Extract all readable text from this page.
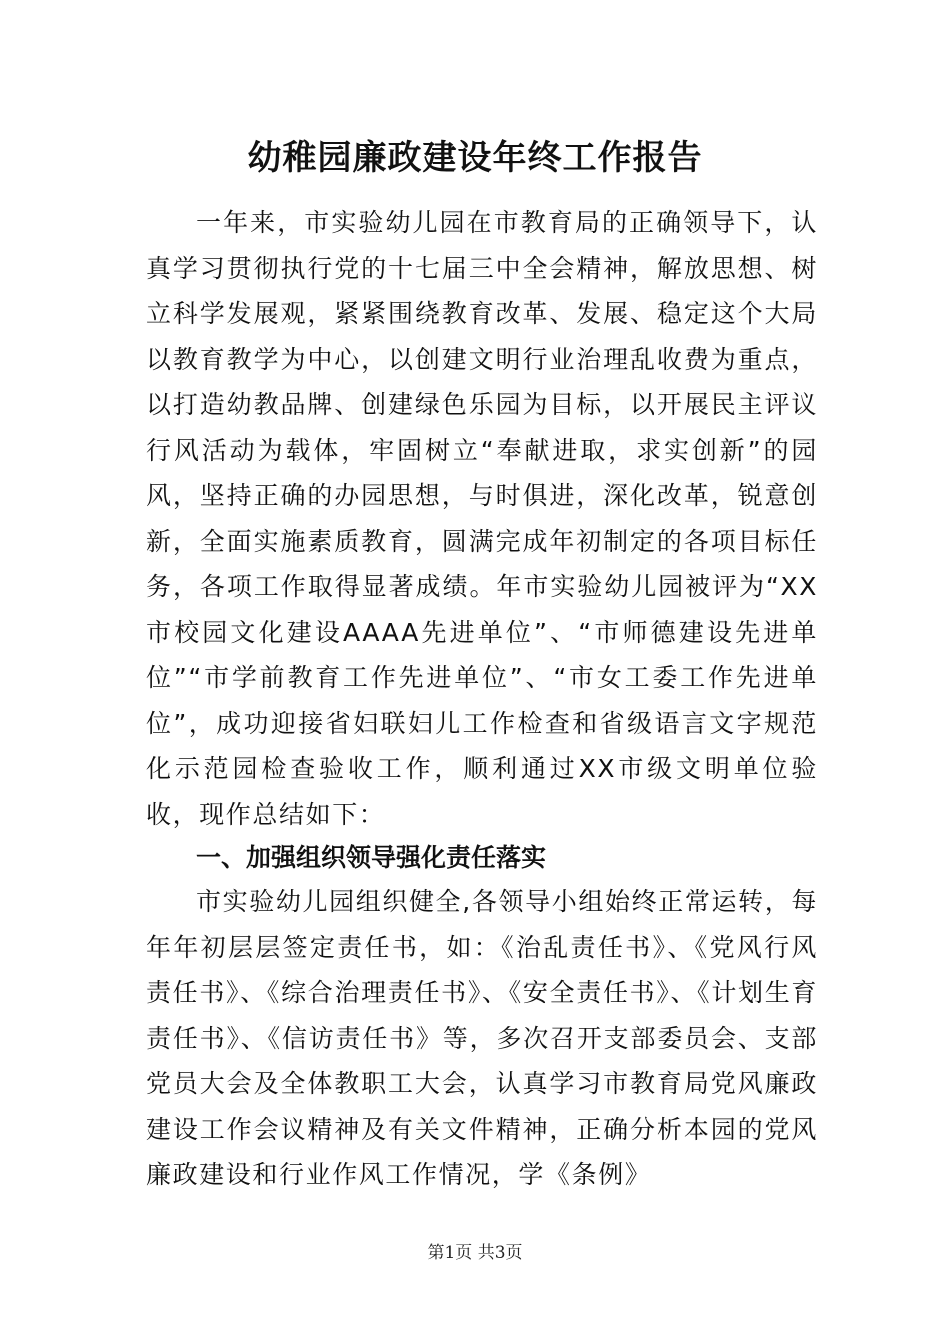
幼稚园廉政建设年终工作报告

一年来，市实验幼儿园在市教育局的正确领导下，认真学习贯彻执行党的十七届三中全会精神，解放思想、树立科学发展观，紧紧围绕教育改革、发展、稳定这个大局以教育教学为中心，以创建文明行业治理乱收费为重点，以打造幼教品牌、创建绿色乐园为目标，以开展民主评议行风活动为载体，牢固树立“奉献进取，求实创新”的园风，坚持正确的办园思想，与时俱进，深化改革，锐意创新，全面实施素质教育，圆满完成年初制定的各项目标任务，各项工作取得显著成绩。年市实验幼儿园被评为“XX市校园文化建设AAAA先进单位”、“市师德建设先进单位”“市学前教育工作先进单位”、“市女工委工作先进单位”，成功迎接省妇联妇儿工作检查和省级语言文字规范化示范园检查验收工作，顺利通过XX市级文明单位验收，现作总结如下：

一、加强组织领导强化责任落实

市实验幼儿园组织健全,各领导小组始终正常运转，每年年初层层签定责任书，如：《治乱责任书》、《党风行风责任书》、《综合治理责任书》、《安全责任书》、《计划生育责任书》、《信访责任书》等，多次召开支部委员会、支部党员大会及全体教职工大会，认真学习市教育局党风廉政建设工作会议精神及有关文件精神，正确分析本园的党风廉政建设和行业作风工作情况，学《条例》

第1页 共3页
